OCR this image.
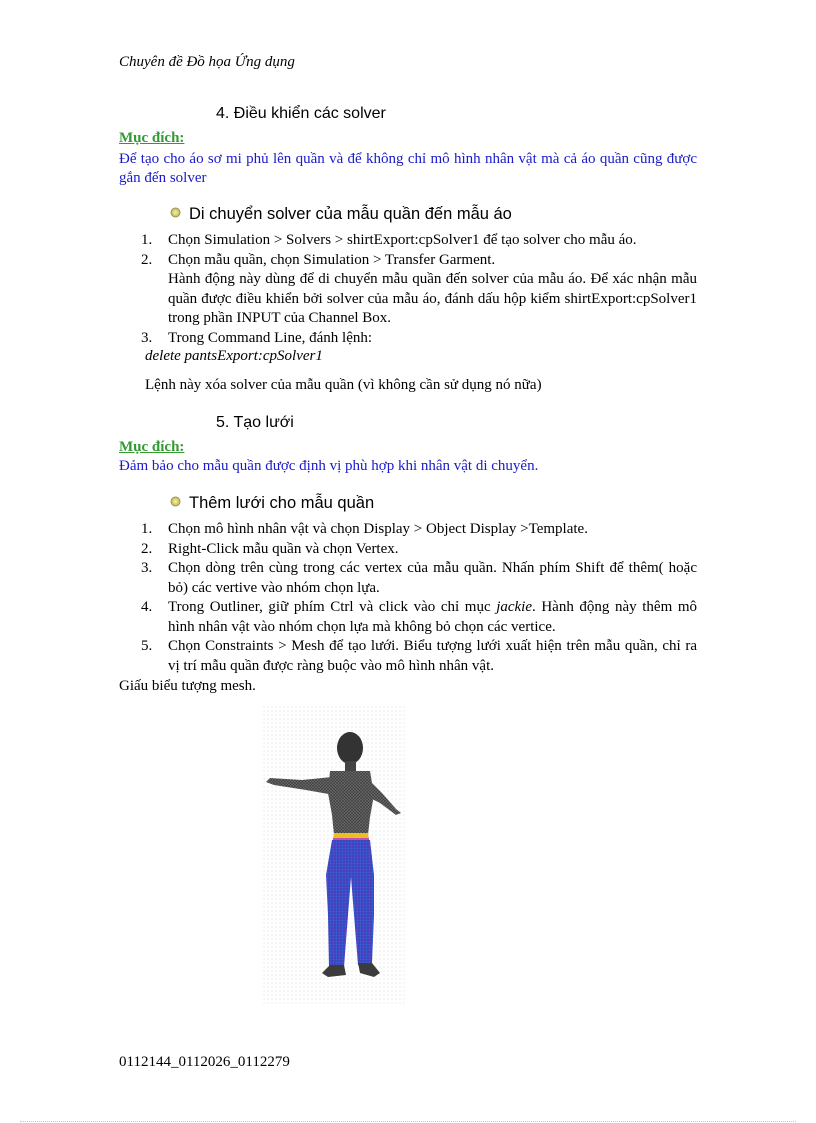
Chuyên đề Đồ họa Ứng dụng
4. Điều khiển các solver
Mục đích:
Để tạo cho áo sơ mi phủ lên quần và để không chỉ mô hình nhân vật mà cả áo quần cũng được gắn đến solver
Di chuyển solver của mẫu quần đến mẫu áo
1. Chọn Simulation > Solvers > shirtExport:cpSolver1 để tạo solver cho mẫu áo.
2. Chọn mẫu quần, chọn Simulation > Transfer Garment.
Hành động này dùng để di chuyển mẫu quần đến solver của mẫu áo. Để xác nhận mẫu quần được điều khiển bởi solver của mẫu áo, đánh dấu hộp kiểm shirtExport:cpSolver1 trong phần INPUT của Channel Box.
3. Trong Command Line, đánh lệnh:
delete pantsExport:cpSolver1
Lệnh này xóa solver của mẫu quần (vì không cần sử dụng nó nữa)
5. Tạo lưới
Mục đích:
Đảm bảo cho mẫu quần được định vị phù hợp khi nhân vật di chuyển.
Thêm lưới cho mẫu quần
1. Chọn mô hình nhân vật và chọn Display > Object Display >Template.
2. Right-Click mẫu quần và chọn Vertex.
3. Chọn dòng trên cùng trong các vertex của mẫu quần. Nhấn phím Shift để thêm( hoặc bỏ) các vertive vào nhóm chọn lựa.
4. Trong Outliner, giữ phím Ctrl và click vào chỉ mục jackie. Hành động này thêm mô hình nhân vật vào nhóm chọn lựa mà không bỏ chọn các vertice.
5. Chọn Constraints > Mesh để tạo lưới. Biểu tượng lưới xuất hiện trên mẫu quần, chỉ ra vị trí mẫu quần được ràng buộc vào mô hình nhân vật.
Giấu biểu tượng mesh.
0112144_0112026_0112279
